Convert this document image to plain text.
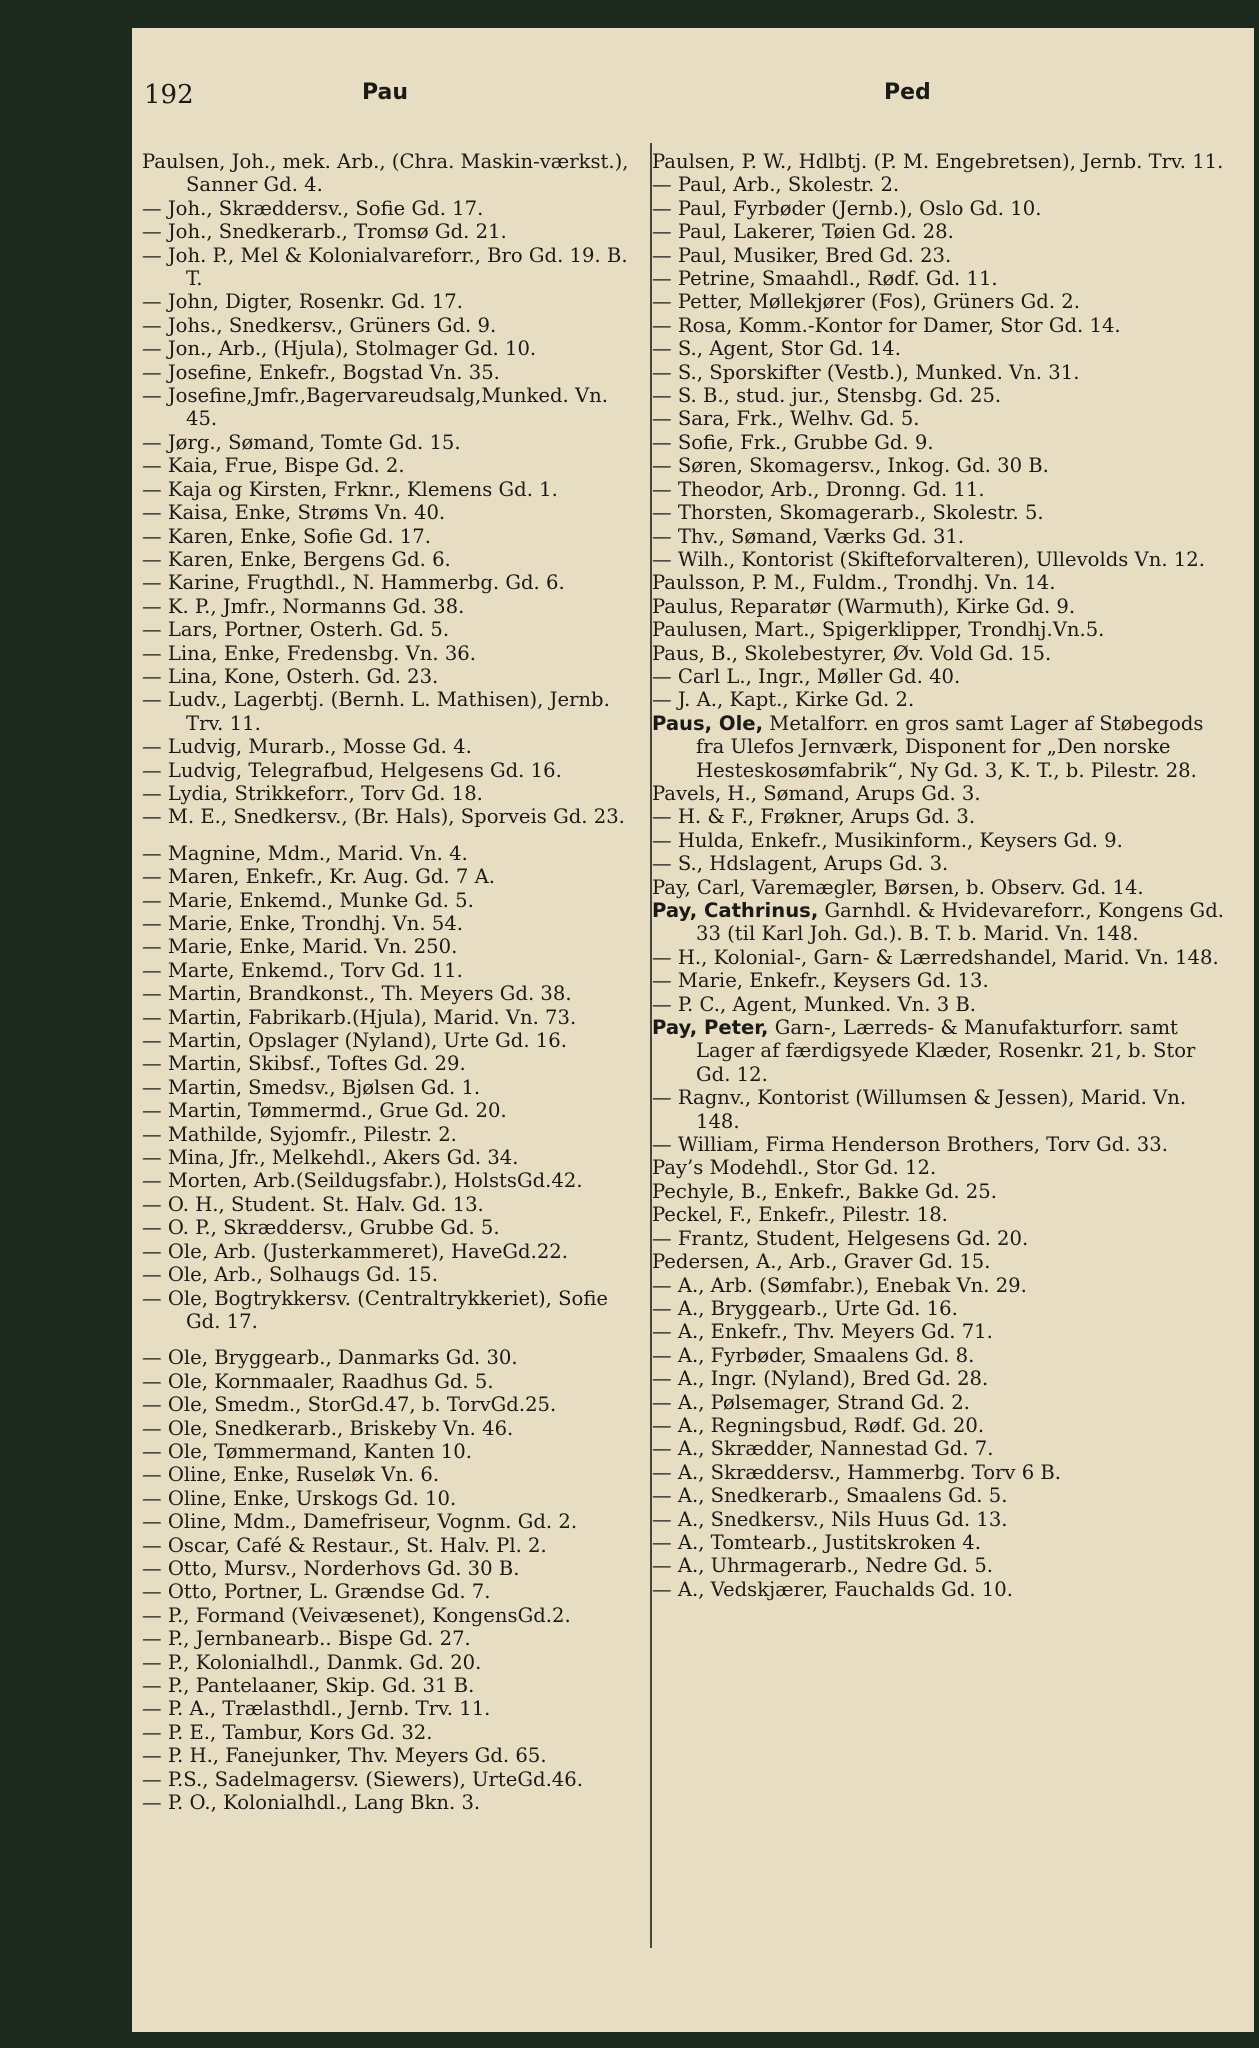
192	Pau	Ped
Paulsen, Joh., mek. Arb., (Chra. Maskin-værkst.), Sanner Gd. 4.
— Joh., Skræddersv., Sofie Gd. 17.
— Joh., Snedkerarb., Tromsø Gd. 21.
— Joh. P., Mel & Kolonialvareforr., Bro Gd. 19. B. T.
— John, Digter, Rosenkr. Gd. 17.
— Johs., Snedkersv., Grüners Gd. 9.
— Jon., Arb., (Hjula), Stolmager Gd. 10.
— Josefine, Enkefr., Bogstad Vn. 35.
— Josefine,Jmfr.,Bagervareudsalg,Munked. Vn. 45.
— Jørg., Sømand, Tomte Gd. 15.
— Kaia, Frue, Bispe Gd. 2.
— Kaja og Kirsten, Frknr., Klemens Gd. 1.
— Kaisa, Enke, Strøms Vn. 40.
— Karen, Enke, Sofie Gd. 17.
— Karen, Enke, Bergens Gd. 6.
— Karine, Frugthdl., N. Hammerbg. Gd. 6.
— K. P., Jmfr., Normanns Gd. 38.
— Lars, Portner, Osterh. Gd. 5.
— Lina, Enke, Fredensbg. Vn. 36.
— Lina, Kone, Osterh. Gd. 23.
— Ludv., Lagerbtj. (Bernh. L. Mathisen), Jernb. Trv. 11.
— Ludvig, Murarb., Mosse Gd. 4.
— Ludvig, Telegrafbud, Helgesens Gd. 16.
— Lydia, Strikkeforr., Torv Gd. 18.
— M. E., Snedkersv., (Br. Hals), Sporveis Gd. 23.
— Magnine, Mdm., Marid. Vn. 4.
— Maren, Enkefr., Kr. Aug. Gd. 7 A.
— Marie, Enkemd., Munke Gd. 5.
— Marie, Enke, Trondhj. Vn. 54.
— Marie, Enke, Marid. Vn. 250.
— Marte, Enkemd., Torv Gd. 11.
— Martin, Brandkonst., Th. Meyers Gd. 38.
— Martin, Fabrikarb.(Hjula), Marid. Vn. 73.
— Martin, Opslager (Nyland), Urte Gd. 16.
— Martin, Skibsf., Toftes Gd. 29.
— Martin, Smedsv., Bjølsen Gd. 1.
— Martin, Tømmermd., Grue Gd. 20.
— Mathilde, Syjomfr., Pilestr. 2.
— Mina, Jfr., Melkehdl., Akers Gd. 34.
— Morten, Arb.(Seildugsfabr.), HolstsGd.42.
— O. H., Student. St. Halv. Gd. 13.
— O. P., Skræddersv., Grubbe Gd. 5.
— Ole, Arb. (Justerkammeret), HaveGd.22.
— Ole, Arb., Solhaugs Gd. 15.
— Ole, Bogtrykkersv. (Centraltrykkeriet), Sofie Gd. 17.
— Ole, Bryggearb., Danmarks Gd. 30.
— Ole, Kornmaaler, Raadhus Gd. 5.
— Ole, Smedm., StorGd.47, b. TorvGd.25.
— Ole, Snedkerarb., Briskeby Vn. 46.
— Ole, Tømmermand, Kanten 10.
— Oline, Enke, Ruseløk Vn. 6.
— Oline, Enke, Urskogs Gd. 10.
— Oline, Mdm., Damefriseur, Vognm. Gd. 2.
— Oscar, Café & Restaur., St. Halv. Pl. 2.
— Otto, Mursv., Norderhovs Gd. 30 B.
— Otto, Portner, L. Grændse Gd. 7.
— P., Formand (Veivæsenet), KongensGd.2.
— P., Jernbanearb.. Bispe Gd. 27.
— P., Kolonialhdl., Danmk. Gd. 20.
— P., Pantelaaner, Skip. Gd. 31 B.
— P. A., Trælasthdl., Jernb. Trv. 11.
— P. E., Tambur, Kors Gd. 32.
— P. H., Fanejunker, Thv. Meyers Gd. 65.
— P.S., Sadelmagersv. (Siewers), UrteGd.46.
— P. O., Kolonialhdl., Lang Bkn. 3.
Paulsen, P. W., Hdlbtj. (P. M. Engebretsen), Jernb. Trv. 11.
— Paul, Arb., Skolestr. 2.
— Paul, Fyrbøder (Jernb.), Oslo Gd. 10.
— Paul, Lakerer, Tøien Gd. 28.
— Paul, Musiker, Bred Gd. 23.
— Petrine, Smaahdl., Rødf. Gd. 11.
— Petter, Møllekjører (Fos), Grüners Gd. 2.
— Rosa, Komm.-Kontor for Damer, Stor Gd. 14.
— S., Agent, Stor Gd. 14.
— S., Sporskifter (Vestb.), Munked. Vn. 31.
— S. B., stud. jur., Stensbg. Gd. 25.
— Sara, Frk., Welhv. Gd. 5.
— Sofie, Frk., Grubbe Gd. 9.
— Søren, Skomagersv., Inkog. Gd. 30 B.
— Theodor, Arb., Dronng. Gd. 11.
— Thorsten, Skomagerarb., Skolestr. 5.
— Thv., Sømand, Værks Gd. 31.
— Wilh., Kontorist (Skifteforvalteren), Ullevolds Vn. 12.
Paulsson, P. M., Fuldm., Trondhj. Vn. 14.
Paulus, Reparatør (Warmuth), Kirke Gd. 9.
Paulusen, Mart., Spigerklipper, Trondhj.Vn.5.
Paus, B., Skolebestyrer, Øv. Vold Gd. 15.
— Carl L., Ingr., Møller Gd. 40.
— J. A., Kapt., Kirke Gd. 2.
Paus, Ole, Metalforr. en gros samt Lager af Støbegods fra Ulefos Jernværk, Disponent for „Den norske Hesteskosømfabrik“, Ny Gd. 3, K. T., b. Pilestr. 28.
Pavels, H., Sømand, Arups Gd. 3.
— H. & F., Frøkner, Arups Gd. 3.
— Hulda, Enkefr., Musikinform., Keysers Gd. 9.
— S., Hdslagent, Arups Gd. 3.
Pay, Carl, Varemægler, Børsen, b. Observ. Gd. 14.
Pay, Cathrinus, Garnhdl. & Hvidevareforr., Kongens Gd. 33 (til Karl Joh. Gd.). B. T. b. Marid. Vn. 148.
— H., Kolonial-, Garn- & Lærredshandel, Marid. Vn. 148.
— Marie, Enkefr., Keysers Gd. 13.
— P. C., Agent, Munked. Vn. 3 B.
Pay, Peter, Garn-, Lærreds- & Manufakturforr. samt Lager af færdigsyede Klæder, Rosenkr. 21, b. Stor Gd. 12.
— Ragnv., Kontorist (Willumsen & Jessen), Marid. Vn. 148.
— William, Firma Henderson Brothers, Torv Gd. 33.
Pay’s Modehdl., Stor Gd. 12.
Pechyle, B., Enkefr., Bakke Gd. 25.
Peckel, F., Enkefr., Pilestr. 18.
— Frantz, Student, Helgesens Gd. 20.
Pedersen, A., Arb., Graver Gd. 15.
— A., Arb. (Sømfabr.), Enebak Vn. 29.
— A., Bryggearb., Urte Gd. 16.
— A., Enkefr., Thv. Meyers Gd. 71.
— A., Fyrbøder, Smaalens Gd. 8.
— A., Ingr. (Nyland), Bred Gd. 28.
— A., Pølsemager, Strand Gd. 2.
— A., Regningsbud, Rødf. Gd. 20.
— A., Skrædder, Nannestad Gd. 7.
— A., Skræddersv., Hammerbg. Torv 6 B.
— A., Snedkerarb., Smaalens Gd. 5.
— A., Snedkersv., Nils Huus Gd. 13.
— A., Tomtearb., Justitskroken 4.
— A., Uhrmagerarb., Nedre Gd. 5.
— A., Vedskjærer, Fauchalds Gd. 10.
